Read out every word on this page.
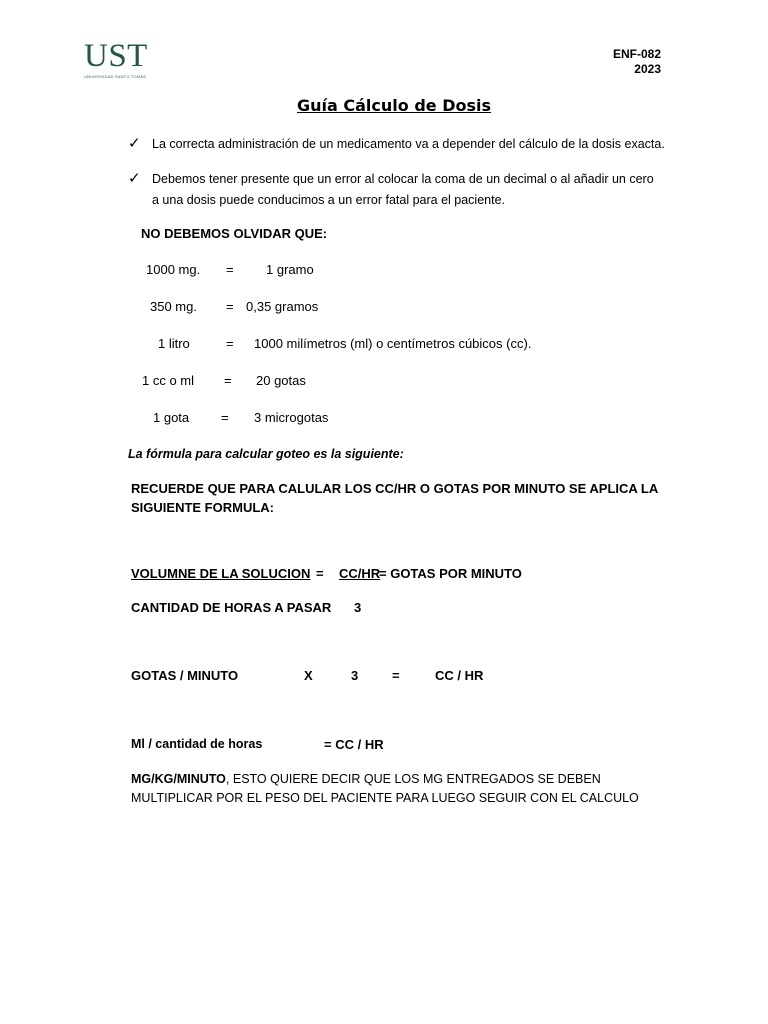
UST
UNIVERSIDAD SANTO TOMÁS
ENF-082
2023
Guía Cálculo de Dosis
✓ La correcta administración de un medicamento va a depender del cálculo de la dosis exacta.
✓ Debemos tener presente que un error al colocar la coma de un decimal o al añadir un cero
a una dosis puede conducimos a un error fatal para el paciente.
NO DEBEMOS OLVIDAR QUE:
1000 mg. = 1 gramo
350 mg. = 0,35 gramos
1 litro	= 1000 milímetros (ml) o centímetros cúbicos (cc).
1 cc o ml = 20 gotas
1 gota = 3 microgotas
La fórmula para calcular goteo es la siguiente:
RECUERDE QUE PARA CALULAR LOS CC/HR O GOTAS POR MINUTO SE APLICA LA
SIGUIENTE FORMULA:
VOLUMNE DE LA SOLUCION = CC/HR
= GOTAS POR MINUTO
CANTIDAD DE HORAS A PASAR 3
GOTAS / MINUTO	X	3	=	CC / HR
Ml / cantidad de horas	= CC / HR
MG/KG/MINUTO, ESTO QUIERE DECIR QUE LOS MG ENTREGADOS SE DEBEN
MULTIPLICAR POR EL PESO DEL PACIENTE PARA LUEGO SEGUIR CON EL CALCULO
